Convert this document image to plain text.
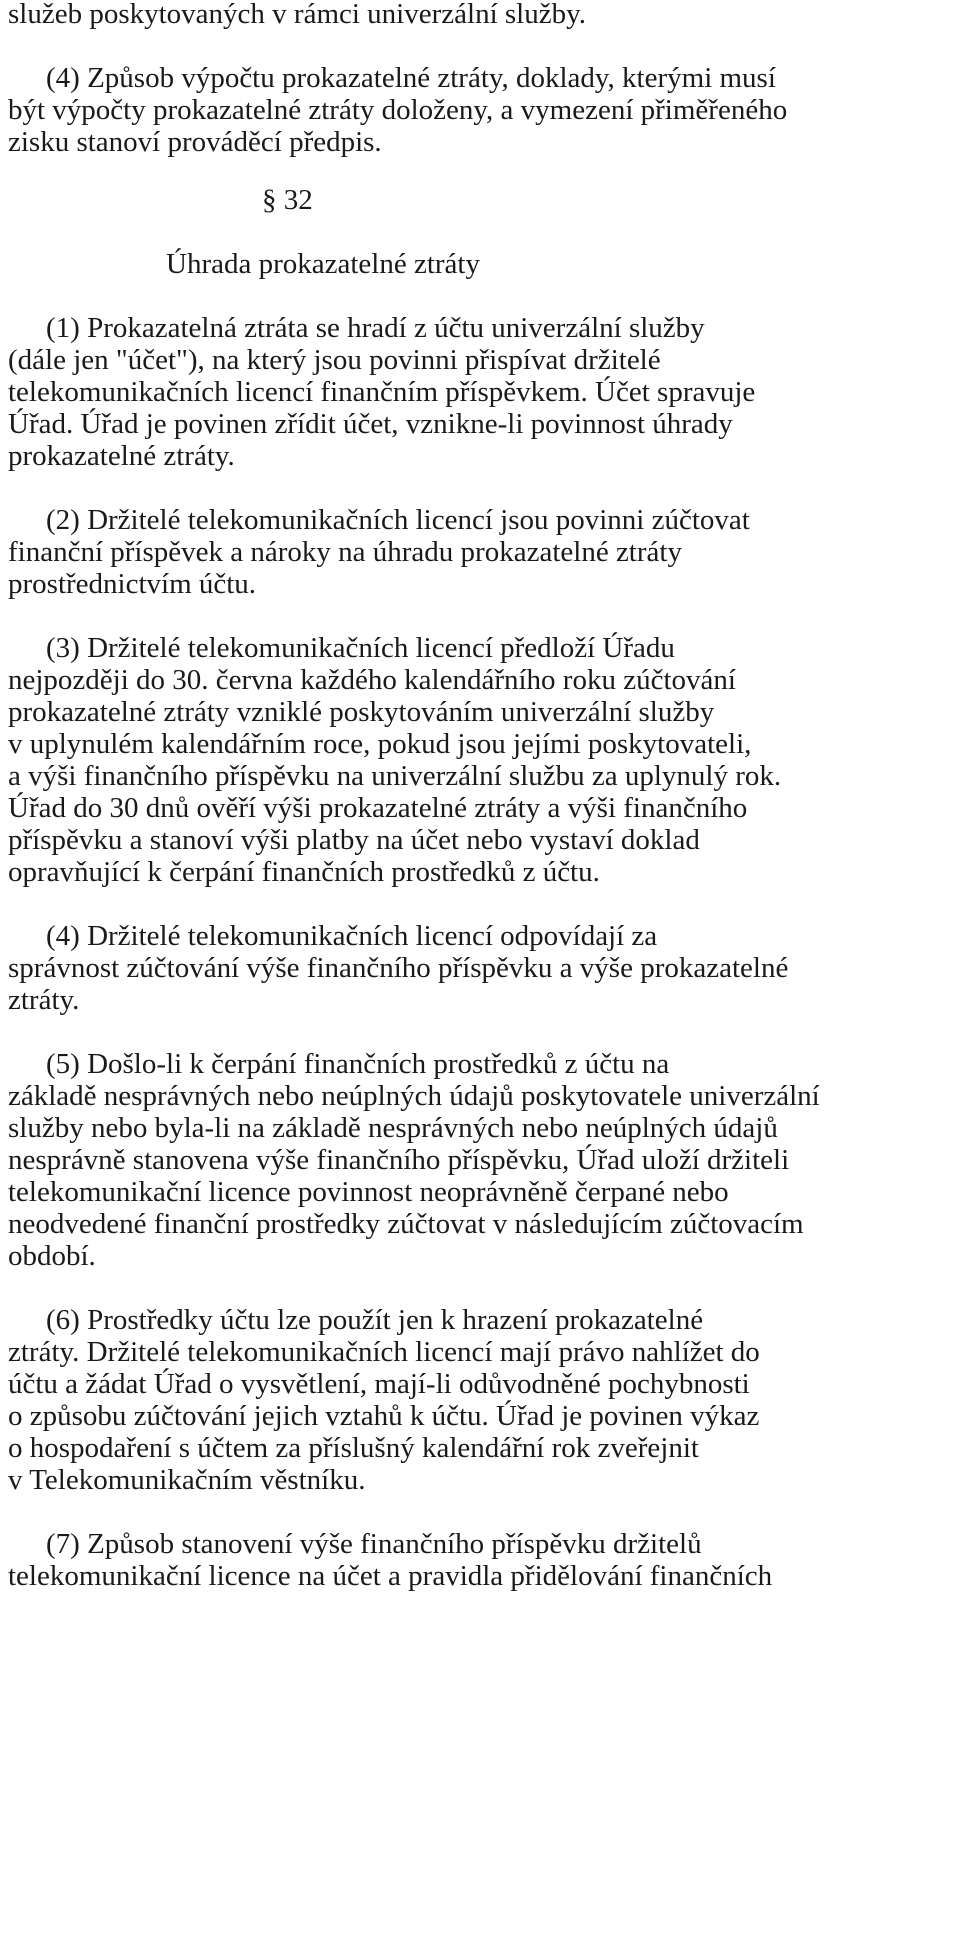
služeb poskytovaných v rámci univerzální služby.

(4) Způsob výpočtu prokazatelné ztráty, doklady, kterými musí

být výpočty prokazatelné ztráty doloženy, a vymezení přiměřeného

zisku stanoví prováděcí předpis.

§ 32

Úhrada prokazatelné ztráty

(1) Prokazatelná ztráta se hradí z účtu univerzální služby

(dále jen "účet"), na který jsou povinni přispívat držitelé

telekomunikačních licencí finančním příspěvkem. Účet spravuje

Úřad. Úřad je povinen zřídit účet, vznikne-li povinnost úhrady

prokazatelné ztráty.

(2) Držitelé telekomunikačních licencí jsou povinni zúčtovat

finanční příspěvek a nároky na úhradu prokazatelné ztráty

prostřednictvím účtu.

(3) Držitelé telekomunikačních licencí předloží Úřadu

nejpozději do 30. června každého kalendářního roku zúčtování

prokazatelné ztráty vzniklé poskytováním univerzální služby

v uplynulém kalendářním roce, pokud jsou jejími poskytovateli,

a výši finančního příspěvku na univerzální službu za uplynulý rok.

Úřad do 30 dnů ověří výši prokazatelné ztráty a výši finančního

příspěvku a stanoví výši platby na účet nebo vystaví doklad

opravňující k čerpání finančních prostředků z účtu.

(4) Držitelé telekomunikačních licencí odpovídají za

správnost zúčtování výše finančního příspěvku a výše prokazatelné

ztráty.

(5) Došlo-li k čerpání finančních prostředků z účtu na

základě nesprávných nebo neúplných údajů poskytovatele univerzální

služby nebo byla-li na základě nesprávných nebo neúplných údajů

nesprávně stanovena výše finančního příspěvku, Úřad uloží držiteli

telekomunikační licence povinnost neoprávněně čerpané nebo

neodvedené finanční prostředky zúčtovat v následujícím zúčtovacím

období.

(6) Prostředky účtu lze použít jen k hrazení prokazatelné

ztráty. Držitelé telekomunikačních licencí mají právo nahlížet do

účtu a žádat Úřad o vysvětlení, mají-li odůvodněné pochybnosti

o způsobu zúčtování jejich vztahů k účtu. Úřad je povinen výkaz

o hospodaření s účtem za příslušný kalendářní rok zveřejnit

v Telekomunikačním věstníku.

(7) Způsob stanovení výše finančního příspěvku držitelů

telekomunikační licence na účet a pravidla přidělování finančních
